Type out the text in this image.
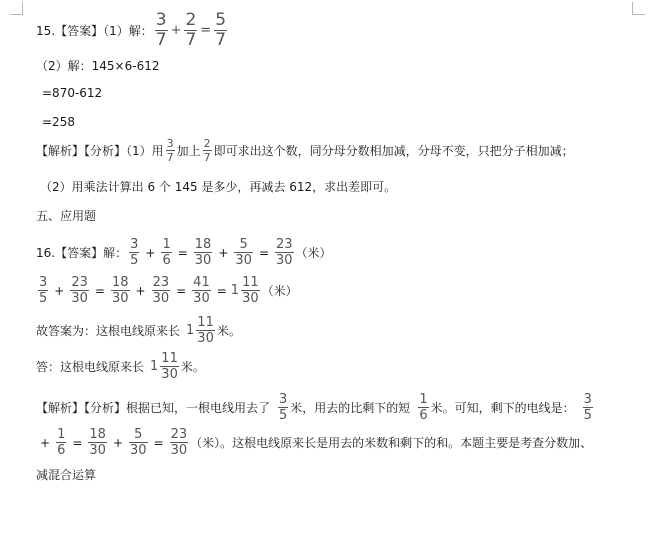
15.【答案】（1）解： $\frac{3}{7} + \frac{2}{7} = \frac{5}{7}$
（2）解： 145×6-612
=870-612
=258
【解析】【分析】（1）用 $\frac{3}{7}$ 加上 $\frac{2}{7}$ 即可求出这个数，同分母分数相加减，分母不变，只把分子相加减；
（2）用乘法计算出 6 个 145 是多少，再减去 612，求出差即可。
五、应用题
16.【答案】解： $\frac{3}{5} + \frac{1}{6} = \frac{18}{30} + \frac{5}{30} = \frac{23}{30}$ （米）
$\frac{3}{5} + \frac{23}{30} = \frac{18}{30} + \frac{23}{30} = \frac{41}{30} = 1 \frac{11}{30}$ （米）
故答案为：这根电线原来长 $1 \frac{11}{30}$ 米。
答：这根电线原来长 $1 \frac{11}{30}$ 米。
【解析】【分析】根据已知，一根电线用去了 $\frac{3}{5}$ 米，用去的比剩下的短 $\frac{1}{6}$ 米。可知，剩下的电线是： $\frac{3}{5}$
+ $\frac{1}{6} = \frac{18}{30} + \frac{5}{30} = \frac{23}{30}$ （米）。这根电线原来长是用去的米数和剩下的和。本题主要是考查分数加、
减混合运算
